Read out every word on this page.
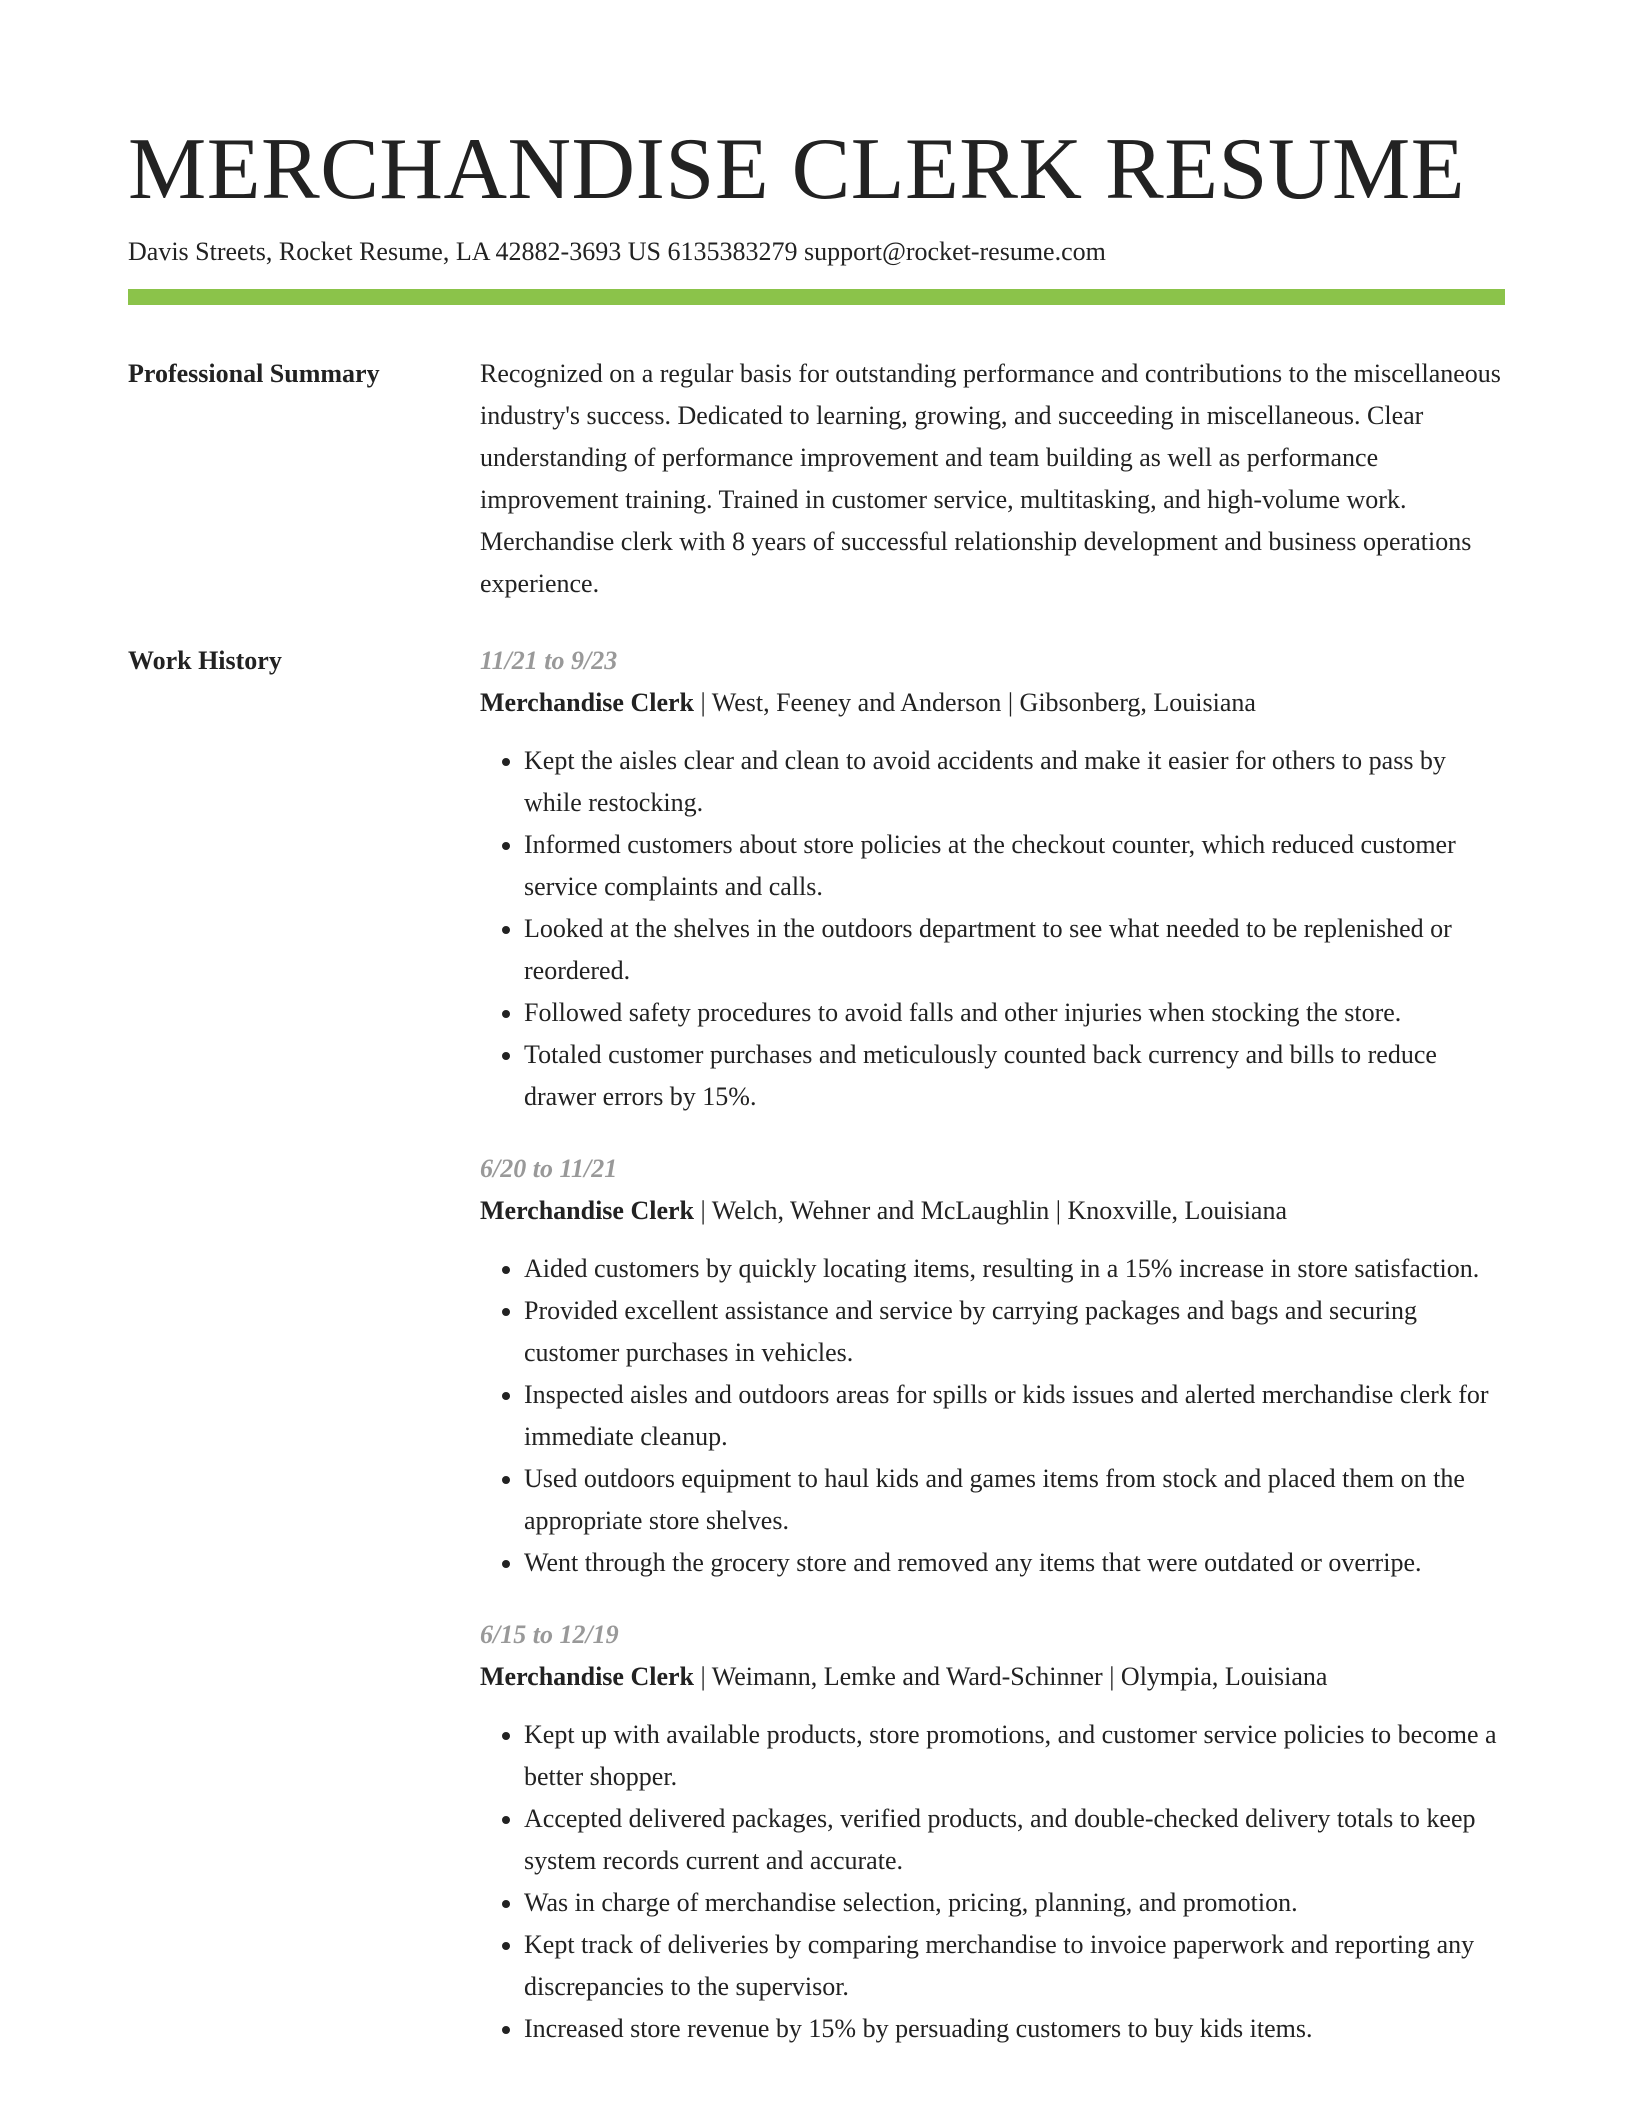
MERCHANDISE CLERK RESUME
Davis Streets, Rocket Resume, LA 42882-3693 US 6135383279 support@rocket-resume.com
Professional Summary	Recognized on a regular basis for outstanding performance and contributions to the miscellaneous industry's success. Dedicated to learning, growing, and succeeding in miscellaneous. Clear understanding of performance improvement and team building as well as performance improvement training. Trained in customer service, multitasking, and high-volume work. Merchandise clerk with 8 years of successful relationship development and business operations experience.

Work History	11/21 to 9/23
Merchandise Clerk | West, Feeney and Anderson | Gibsonberg, Louisiana
• Kept the aisles clear and clean to avoid accidents and make it easier for others to pass by while restocking.
• Informed customers about store policies at the checkout counter, which reduced customer service complaints and calls.
• Looked at the shelves in the outdoors department to see what needed to be replenished or reordered.
• Followed safety procedures to avoid falls and other injuries when stocking the store.
• Totaled customer purchases and meticulously counted back currency and bills to reduce drawer errors by 15%.
6/20 to 11/21
Merchandise Clerk | Welch, Wehner and McLaughlin | Knoxville, Louisiana
• Aided customers by quickly locating items, resulting in a 15% increase in store satisfaction.
• Provided excellent assistance and service by carrying packages and bags and securing customer purchases in vehicles.
• Inspected aisles and outdoors areas for spills or kids issues and alerted merchandise clerk for immediate cleanup.
• Used outdoors equipment to haul kids and games items from stock and placed them on the appropriate store shelves.
• Went through the grocery store and removed any items that were outdated or overripe.
6/15 to 12/19
Merchandise Clerk | Weimann, Lemke and Ward-Schinner | Olympia, Louisiana
• Kept up with available products, store promotions, and customer service policies to become a better shopper.
• Accepted delivered packages, verified products, and double-checked delivery totals to keep system records current and accurate.
• Was in charge of merchandise selection, pricing, planning, and promotion.
• Kept track of deliveries by comparing merchandise to invoice paperwork and reporting any discrepancies to the supervisor.
• Increased store revenue by 15% by persuading customers to buy kids items.
